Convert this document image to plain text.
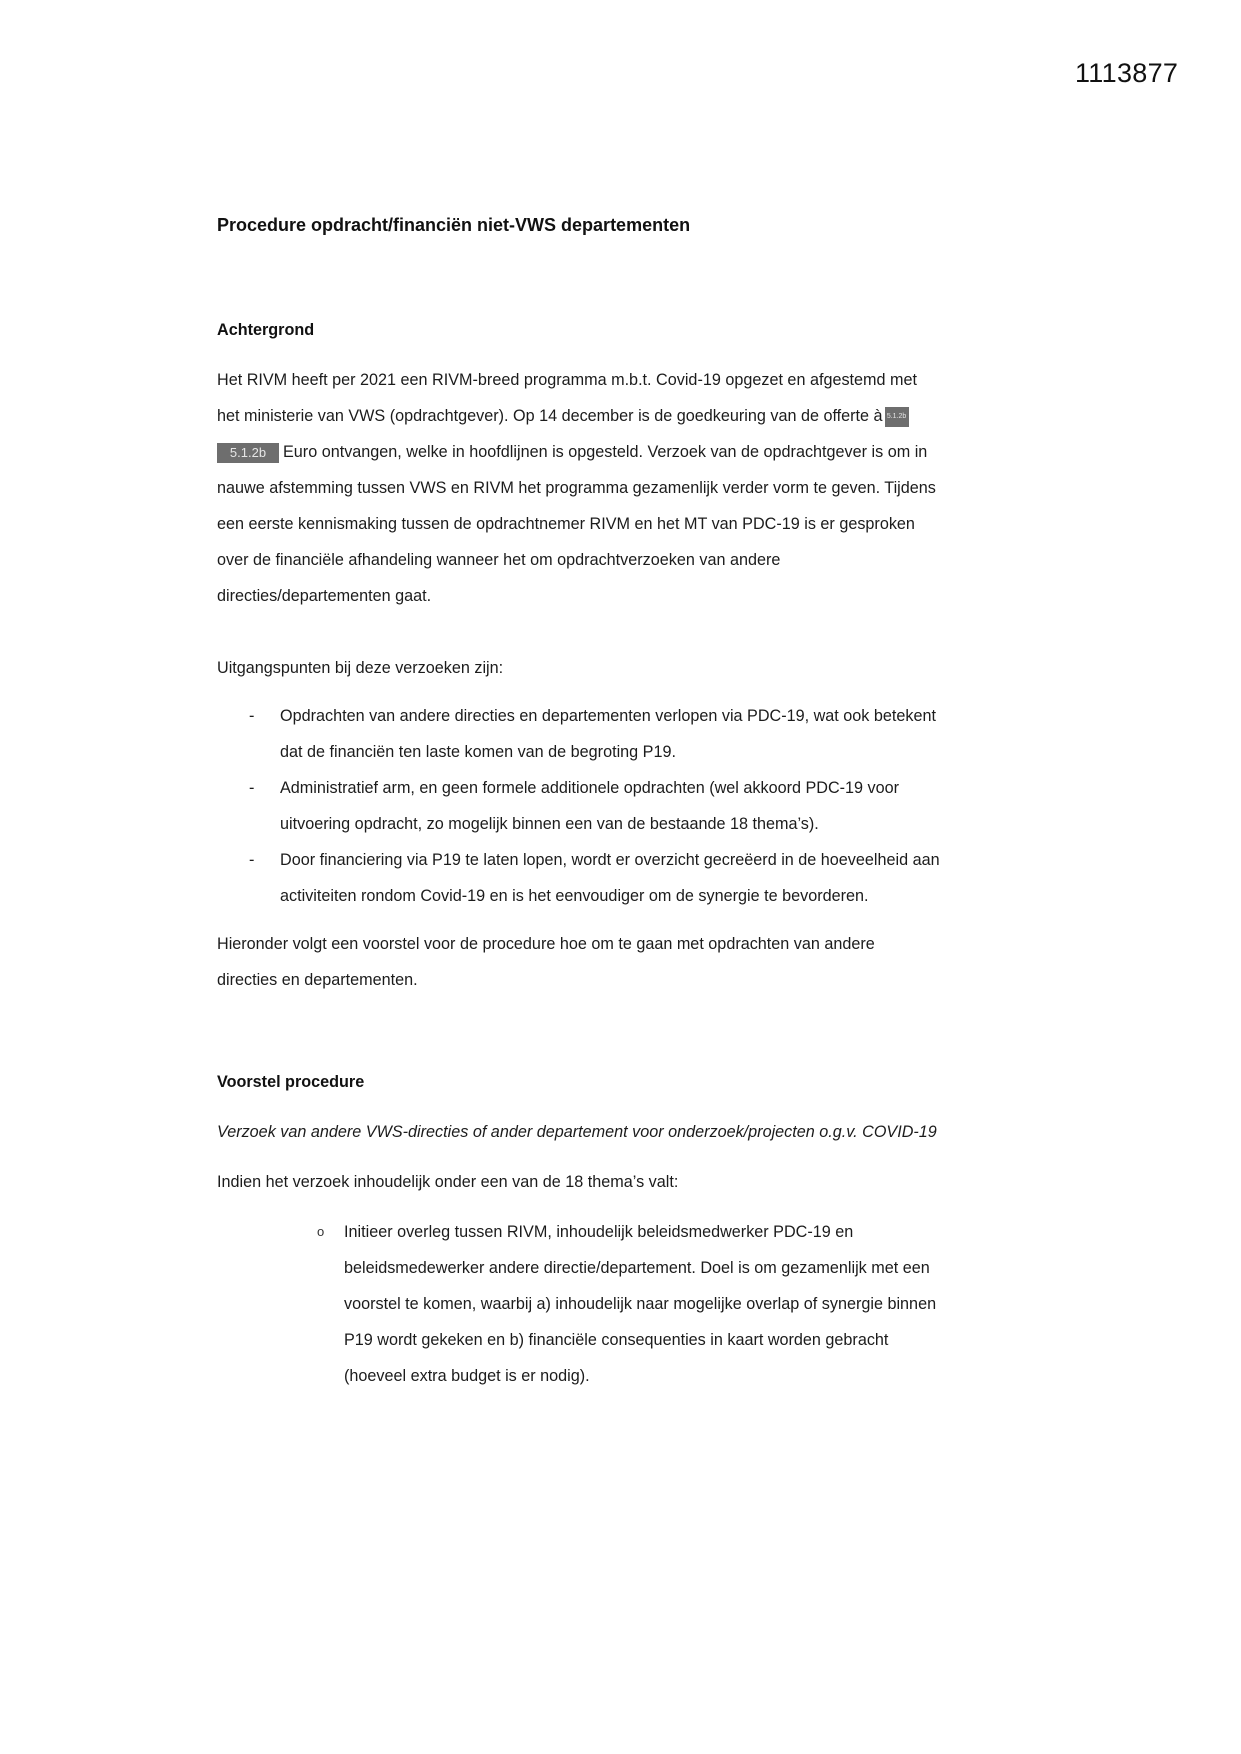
1113877
Procedure opdracht/financiën niet-VWS departementen
Achtergrond
Het RIVM heeft per 2021 een RIVM-breed programma m.b.t. Covid-19 opgezet en afgestemd met
het ministerie van VWS (opdrachtgever). Op 14 december is de goedkeuring van de offerte à 5.1.2b
5.1.2b Euro ontvangen, welke in hoofdlijnen is opgesteld. Verzoek van de opdrachtgever is om in
nauwe afstemming tussen VWS en RIVM het programma gezamenlijk verder vorm te geven. Tijdens
een eerste kennismaking tussen de opdrachtnemer RIVM en het MT van PDC-19 is er gesproken
over de financiële afhandeling wanneer het om opdrachtverzoeken van andere
directies/departementen gaat.
Uitgangspunten bij deze verzoeken zijn:
- Opdrachten van andere directies en departementen verlopen via PDC-19, wat ook betekent
dat de financiën ten laste komen van de begroting P19.
- Administratief arm, en geen formele additionele opdrachten (wel akkoord PDC-19 voor
uitvoering opdracht, zo mogelijk binnen een van de bestaande 18 thema’s).
- Door financiering via P19 te laten lopen, wordt er overzicht gecreëerd in de hoeveelheid aan
activiteiten rondom Covid-19 en is het eenvoudiger om de synergie te bevorderen.
Hieronder volgt een voorstel voor de procedure hoe om te gaan met opdrachten van andere
directies en departementen.
Voorstel procedure
Verzoek van andere VWS-directies of ander departement voor onderzoek/projecten o.g.v. COVID-19
Indien het verzoek inhoudelijk onder een van de 18 thema’s valt:
o Initieer overleg tussen RIVM, inhoudelijk beleidsmedwerker PDC-19 en
beleidsmedewerker andere directie/departement. Doel is om gezamenlijk met een
voorstel te komen, waarbij a) inhoudelijk naar mogelijke overlap of synergie binnen
P19 wordt gekeken en b) financiële consequenties in kaart worden gebracht
(hoeveel extra budget is er nodig).
